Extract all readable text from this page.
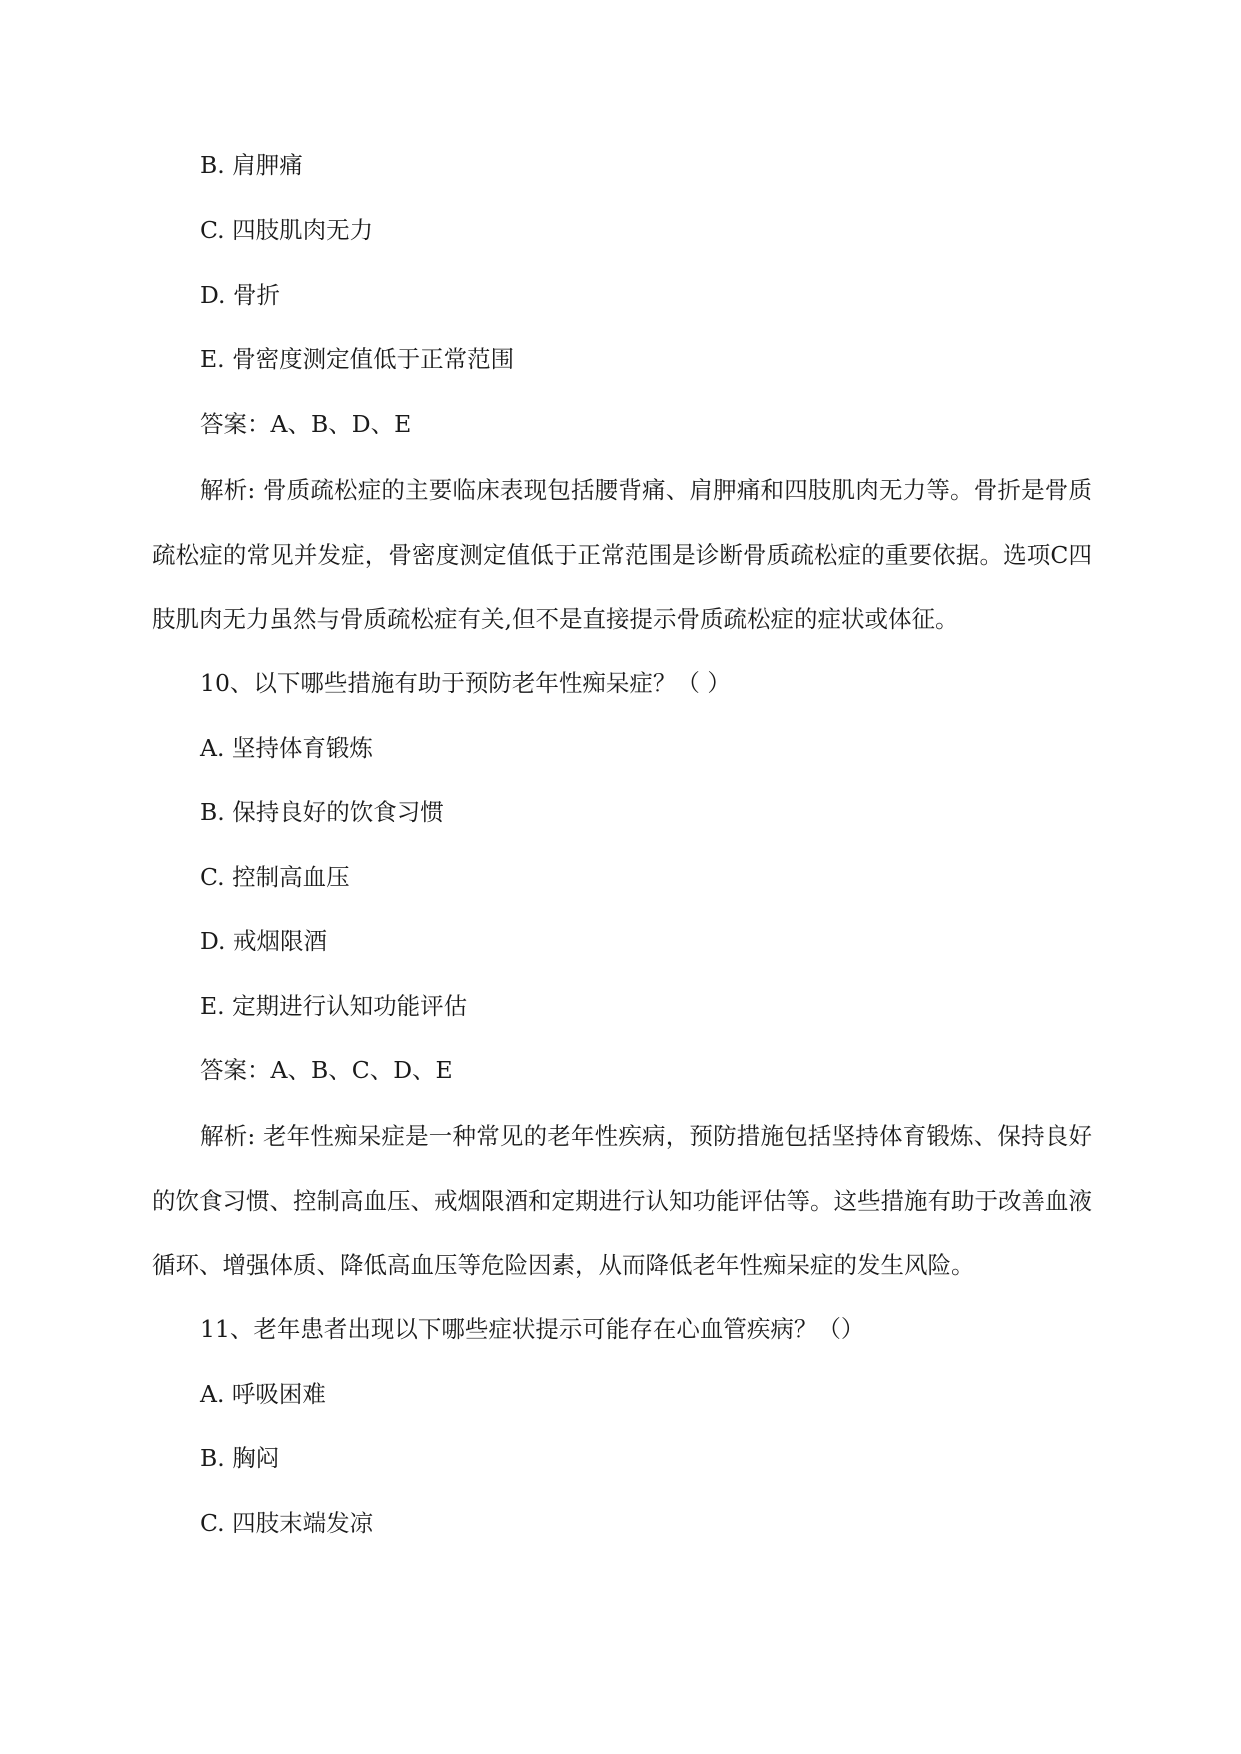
B. 肩胛痛
C. 四肢肌肉无力
D. 骨折
E. 骨密度测定值低于正常范围
答案：A、B、D、E
解析: 骨质疏松症的主要临床表现包括腰背痛、肩胛痛和四肢肌肉无力等。骨折是骨质疏松症的常见并发症，骨密度测定值低于正常范围是诊断骨质疏松症的重要依据。选项C四肢肌肉无力虽然与骨质疏松症有关,但不是直接提示骨质疏松症的症状或体征。
10、以下哪些措施有助于预防老年性痴呆症？（ ）
A. 坚持体育锻炼
B. 保持良好的饮食习惯
C. 控制高血压
D. 戒烟限酒
E. 定期进行认知功能评估
答案：A、B、C、D、E
解析: 老年性痴呆症是一种常见的老年性疾病，预防措施包括坚持体育锻炼、保持良好的饮食习惯、控制高血压、戒烟限酒和定期进行认知功能评估等。这些措施有助于改善血液循环、增强体质、降低高血压等危险因素，从而降低老年性痴呆症的发生风险。
11、老年患者出现以下哪些症状提示可能存在心血管疾病？（）
A. 呼吸困难
B. 胸闷
C. 四肢末端发凉
